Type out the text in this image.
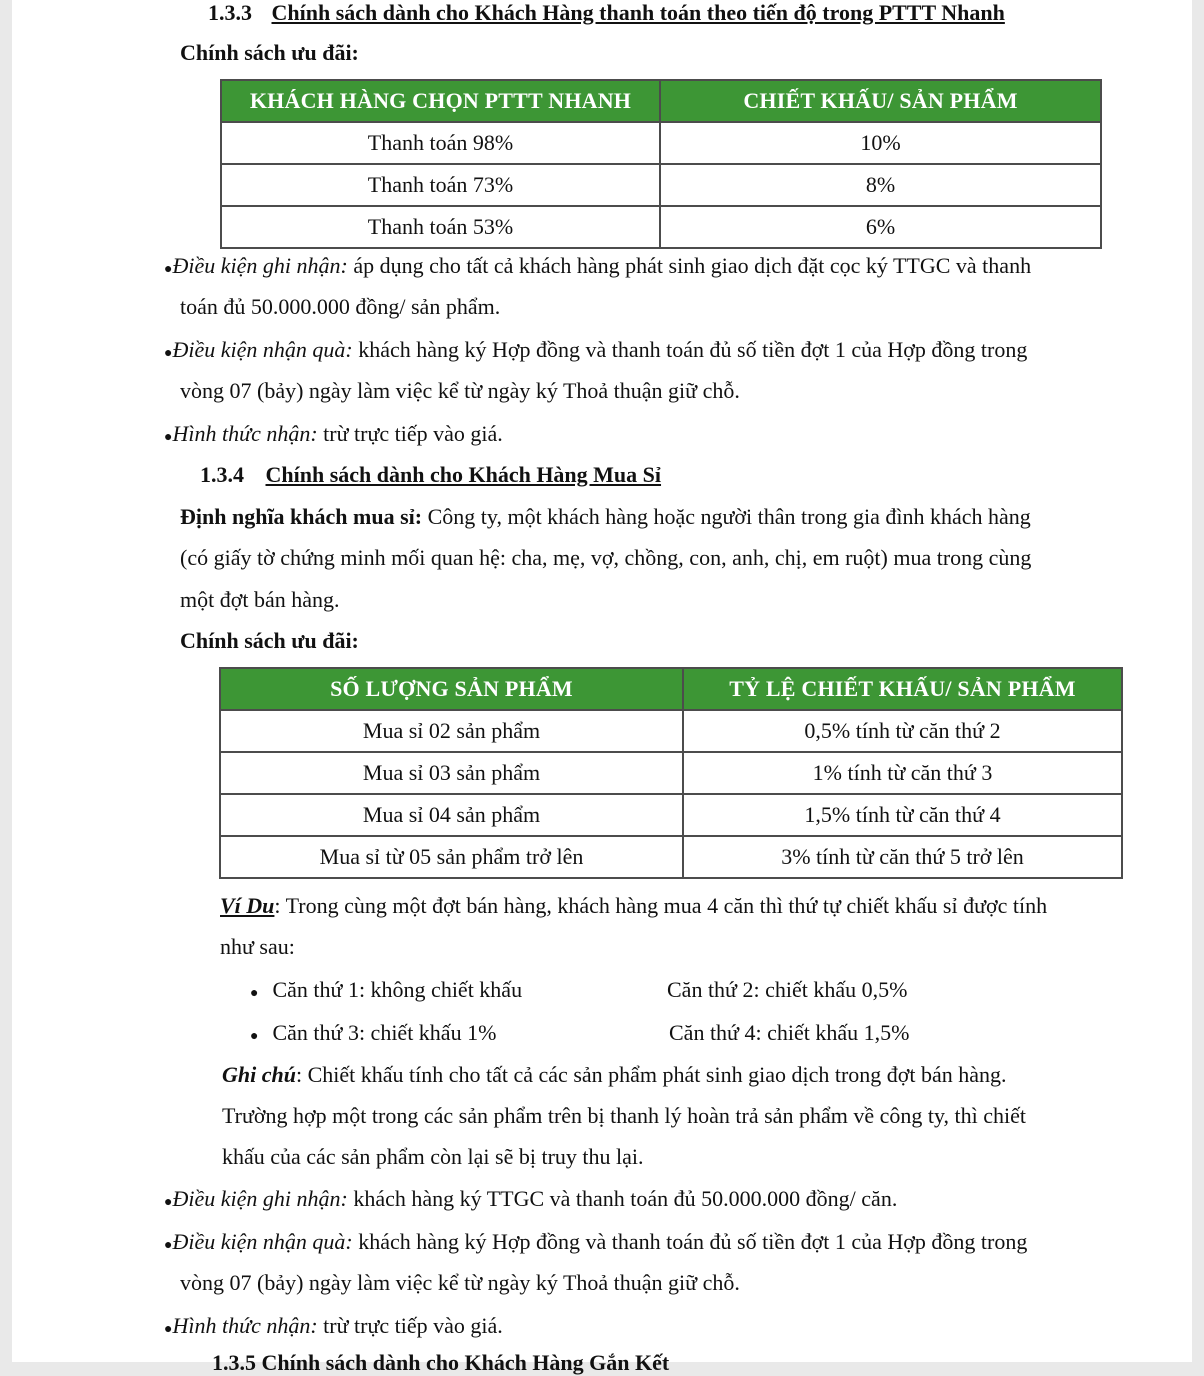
1.3.3 Chính sách dành cho Khách Hàng thanh toán theo tiến độ trong PTTT Nhanh
Chính sách ưu đãi:
KHÁCH HÀNG CHỌN PTTT NHANH	CHIẾT KHẤU/ SẢN PHẨM
Thanh toán 98%	10%
Thanh toán 73%	8%
Thanh toán 53%	6%
●Điều kiện ghi nhận: áp dụng cho tất cả khách hàng phát sinh giao dịch đặt cọc ký TTGC và thanh
toán đủ 50.000.000 đồng/ sản phẩm.
●Điều kiện nhận quà: khách hàng ký Hợp đồng và thanh toán đủ số tiền đợt 1 của Hợp đồng trong
vòng 07 (bảy) ngày làm việc kể từ ngày ký Thoả thuận giữ chỗ.
●Hình thức nhận: trừ trực tiếp vào giá.
1.3.4 Chính sách dành cho Khách Hàng Mua Sỉ
Định nghĩa khách mua sỉ: Công ty, một khách hàng hoặc người thân trong gia đình khách hàng
(có giấy tờ chứng minh mối quan hệ: cha, mẹ, vợ, chồng, con, anh, chị, em ruột) mua trong cùng
một đợt bán hàng.
Chính sách ưu đãi:
SỐ LƯỢNG SẢN PHẨM	TỶ LỆ CHIẾT KHẤU/ SẢN PHẨM
Mua sỉ 02 sản phẩm	0,5% tính từ căn thứ 2
Mua sỉ 03 sản phẩm	1% tính từ căn thứ 3
Mua sỉ 04 sản phẩm	1,5% tính từ căn thứ 4
Mua sỉ từ 05 sản phẩm trở lên	3% tính từ căn thứ 5 trở lên
Ví Du: Trong cùng một đợt bán hàng, khách hàng mua 4 căn thì thứ tự chiết khấu sỉ được tính
như sau:
● Căn thứ 1: không chiết khấu	Căn thứ 2: chiết khấu 0,5%
● Căn thứ 3: chiết khấu 1%	Căn thứ 4: chiết khấu 1,5%
Ghi chú: Chiết khấu tính cho tất cả các sản phẩm phát sinh giao dịch trong đợt bán hàng.
Trường hợp một trong các sản phẩm trên bị thanh lý hoàn trả sản phẩm về công ty, thì chiết
khấu của các sản phẩm còn lại sẽ bị truy thu lại.
●Điều kiện ghi nhận: khách hàng ký TTGC và thanh toán đủ 50.000.000 đồng/ căn.
●Điều kiện nhận quà: khách hàng ký Hợp đồng và thanh toán đủ số tiền đợt 1 của Hợp đồng trong
vòng 07 (bảy) ngày làm việc kể từ ngày ký Thoả thuận giữ chỗ.
●Hình thức nhận: trừ trực tiếp vào giá.
1.3.5 Chính sách dành cho Khách Hàng Gắn Kết
